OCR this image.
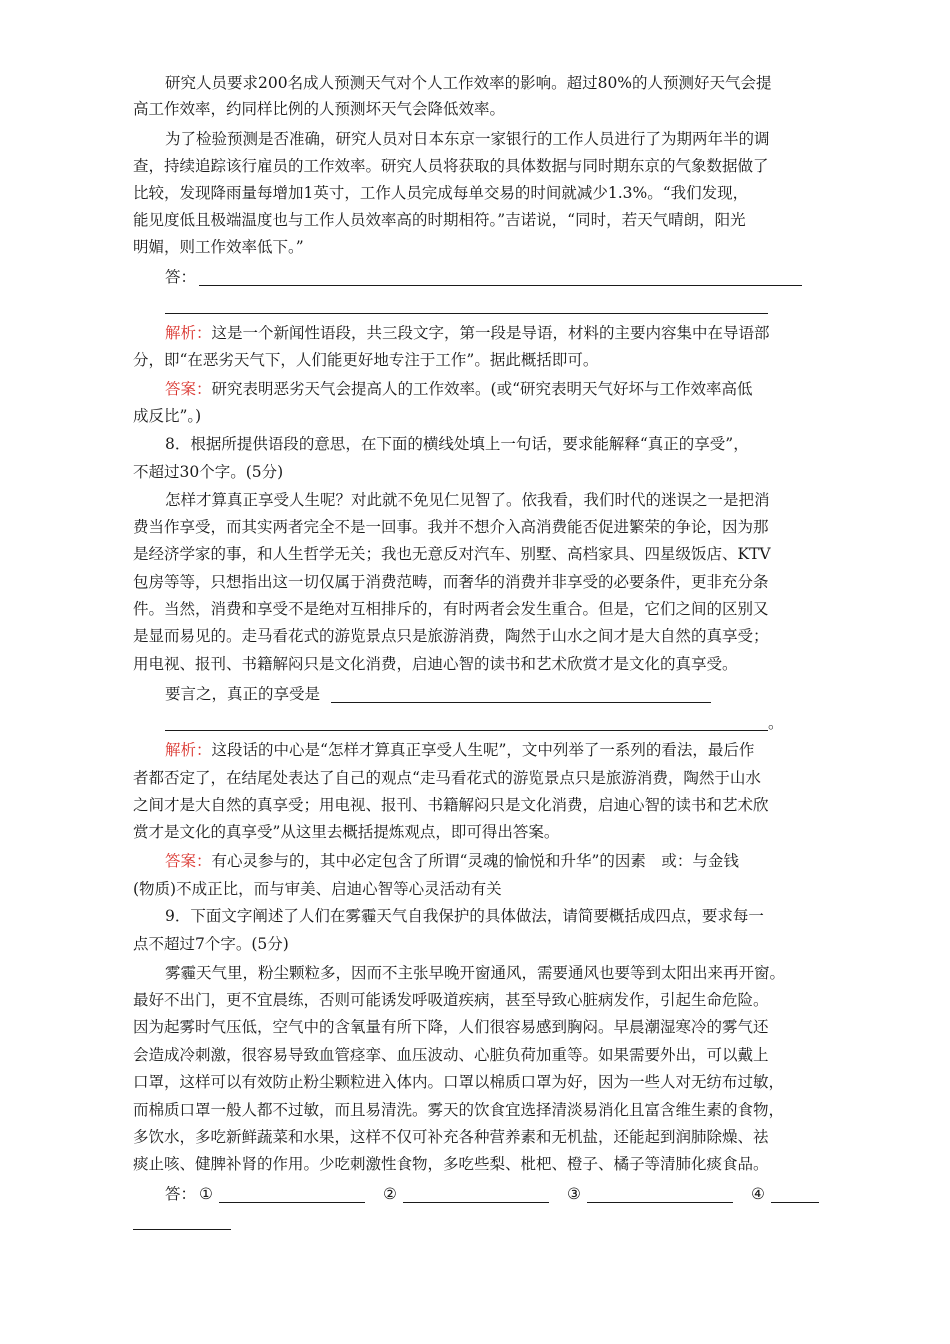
研究人员要求200名成人预测天气对个人工作效率的影响。超过80%的人预测好天气会提
高工作效率，约同样比例的人预测坏天气会降低效率。
为了检验预测是否准确，研究人员对日本东京一家银行的工作人员进行了为期两年半的调
查，持续追踪该行雇员的工作效率。研究人员将获取的具体数据与同时期东京的气象数据做了
比较，发现降雨量每增加1英寸，工作人员完成每单交易的时间就减少1.3%。“我们发现，
能见度低且极端温度也与工作人员效率高的时期相符。”吉诺说，“同时，若天气晴朗，阳光
明媚，则工作效率低下。”
答：
解析：这是一个新闻性语段，共三段文字，第一段是导语，材料的主要内容集中在导语部
分，即“在恶劣天气下，人们能更好地专注于工作”。据此概括即可。
答案：研究表明恶劣天气会提高人的工作效率。(或“研究表明天气好坏与工作效率高低
成反比”。)
8．根据所提供语段的意思，在下面的横线处填上一句话，要求能解释“真正的享受”，
不超过30个字。(5分)
怎样才算真正享受人生呢？对此就不免见仁见智了。依我看，我们时代的迷误之一是把消
费当作享受，而其实两者完全不是一回事。我并不想介入高消费能否促进繁荣的争论，因为那
是经济学家的事，和人生哲学无关；我也无意反对汽车、别墅、高档家具、四星级饭店、KTV
包房等等，只想指出这一切仅属于消费范畴，而奢华的消费并非享受的必要条件，更非充分条
件。当然，消费和享受不是绝对互相排斥的，有时两者会发生重合。但是，它们之间的区别又
是显而易见的。走马看花式的游览景点只是旅游消费，陶然于山水之间才是大自然的真享受；
用电视、报刊、书籍解闷只是文化消费，启迪心智的读书和艺术欣赏才是文化的真享受。
要言之，真正的享受是
。
解析：这段话的中心是“怎样才算真正享受人生呢”，文中列举了一系列的看法，最后作
者都否定了，在结尾处表达了自己的观点“走马看花式的游览景点只是旅游消费，陶然于山水
之间才是大自然的真享受；用电视、报刊、书籍解闷只是文化消费，启迪心智的读书和艺术欣
赏才是文化的真享受”从这里去概括提炼观点，即可得出答案。
答案：有心灵参与的，其中必定包含了所谓“灵魂的愉悦和升华”的因素　或：与金钱
(物质)不成正比，而与审美、启迪心智等心灵活动有关
9．下面文字阐述了人们在雾霾天气自我保护的具体做法，请简要概括成四点，要求每一
点不超过7个字。(5分)
雾霾天气里，粉尘颗粒多，因而不主张早晚开窗通风，需要通风也要等到太阳出来再开窗。
最好不出门，更不宜晨练，否则可能诱发呼吸道疾病，甚至导致心脏病发作，引起生命危险。
因为起雾时气压低，空气中的含氧量有所下降，人们很容易感到胸闷。早晨潮湿寒冷的雾气还
会造成冷刺激，很容易导致血管痉挛、血压波动、心脏负荷加重等。如果需要外出，可以戴上
口罩，这样可以有效防止粉尘颗粒进入体内。口罩以棉质口罩为好，因为一些人对无纺布过敏，
而棉质口罩一般人都不过敏，而且易清洗。雾天的饮食宜选择清淡易消化且富含维生素的食物，
多饮水，多吃新鲜蔬菜和水果，这样不仅可补充各种营养素和无机盐，还能起到润肺除燥、祛
痰止咳、健脾补肾的作用。少吃刺激性食物，多吃些梨、枇杷、橙子、橘子等清肺化痰食品。
答： ①	②	③	④
